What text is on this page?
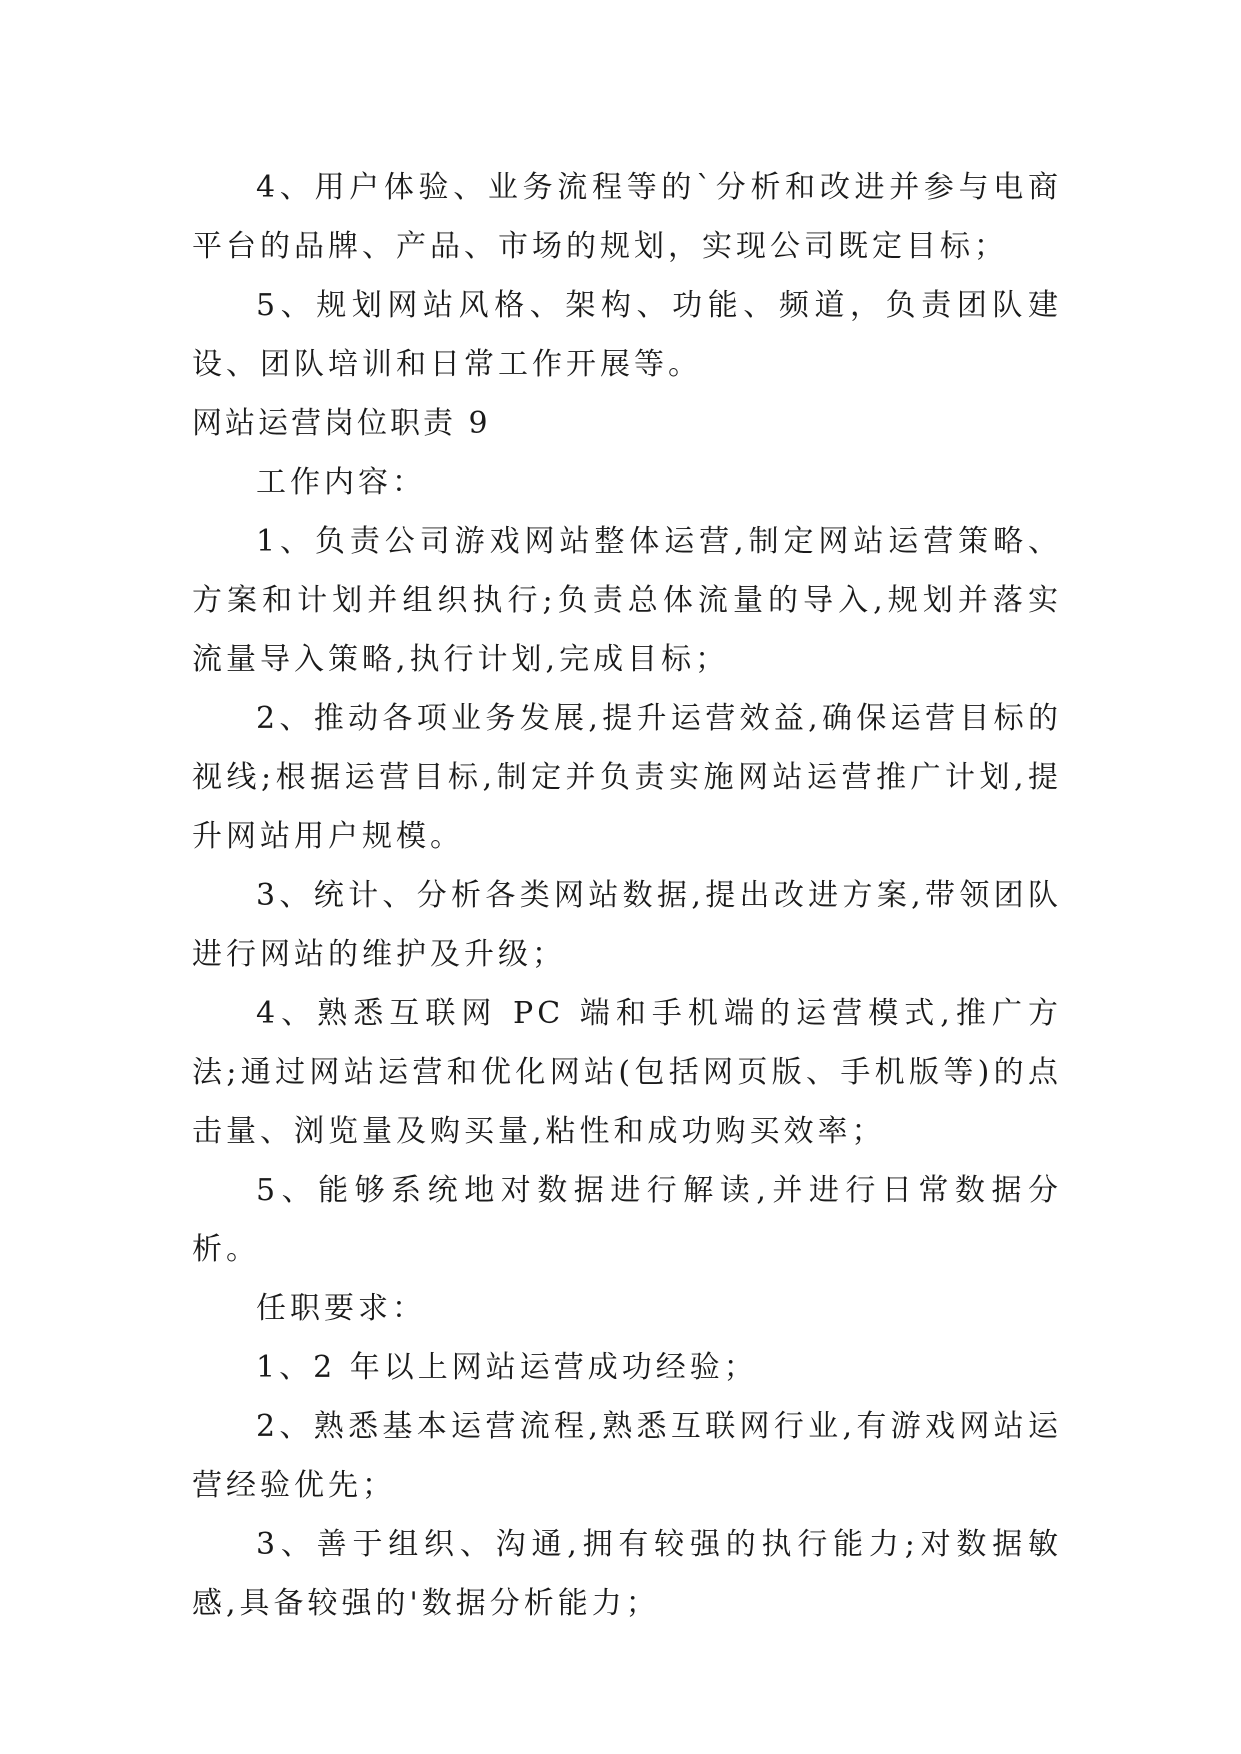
4、用户体验、业务流程等的`分析和改进并参与电商平台的品牌、产品、市场的规划，实现公司既定目标；

5、规划网站风格、架构、功能、频道，负责团队建设、团队培训和日常工作开展等。

网站运营岗位职责 9

工作内容：

1、负责公司游戏网站整体运营,制定网站运营策略、方案和计划并组织执行;负责总体流量的导入,规划并落实流量导入策略,执行计划,完成目标；

2、推动各项业务发展,提升运营效益,确保运营目标的视线;根据运营目标,制定并负责实施网站运营推广计划,提升网站用户规模。

3、统计、分析各类网站数据,提出改进方案,带领团队进行网站的维护及升级；

4、熟悉互联网 PC 端和手机端的运营模式,推广方法;通过网站运营和优化网站(包括网页版、手机版等)的点击量、浏览量及购买量,粘性和成功购买效率；

5、能够系统地对数据进行解读,并进行日常数据分析。

任职要求：

1、2 年以上网站运营成功经验；

2、熟悉基本运营流程,熟悉互联网行业,有游戏网站运营经验优先；

3、善于组织、沟通,拥有较强的执行能力;对数据敏感,具备较强的'数据分析能力；
